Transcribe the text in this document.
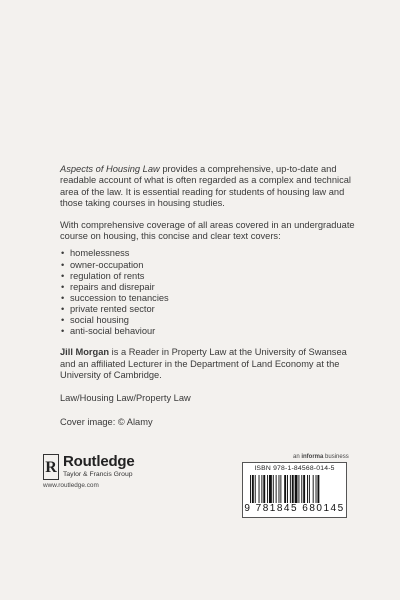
Aspects of Housing Law provides a comprehensive, up-to-date and readable account of what is often regarded as a complex and technical area of the law. It is essential reading for students of housing law and those taking courses in housing studies.

With comprehensive coverage of all areas covered in an undergraduate course on housing, this concise and clear text covers:

• homelessness
• owner-occupation
• regulation of rents
• repairs and disrepair
• succession to tenancies
• private rented sector
• social housing
• anti-social behaviour

Jill Morgan is a Reader in Property Law at the University of Swansea and an affiliated Lecturer in the Department of Land Economy at the University of Cambridge.

Law/Housing Law/Property Law

Cover image: © Alamy

R Routledge
Taylor & Francis Group
www.routledge.com
an informa business
ISBN 978-1-84568-014-5
9 781845 680145
